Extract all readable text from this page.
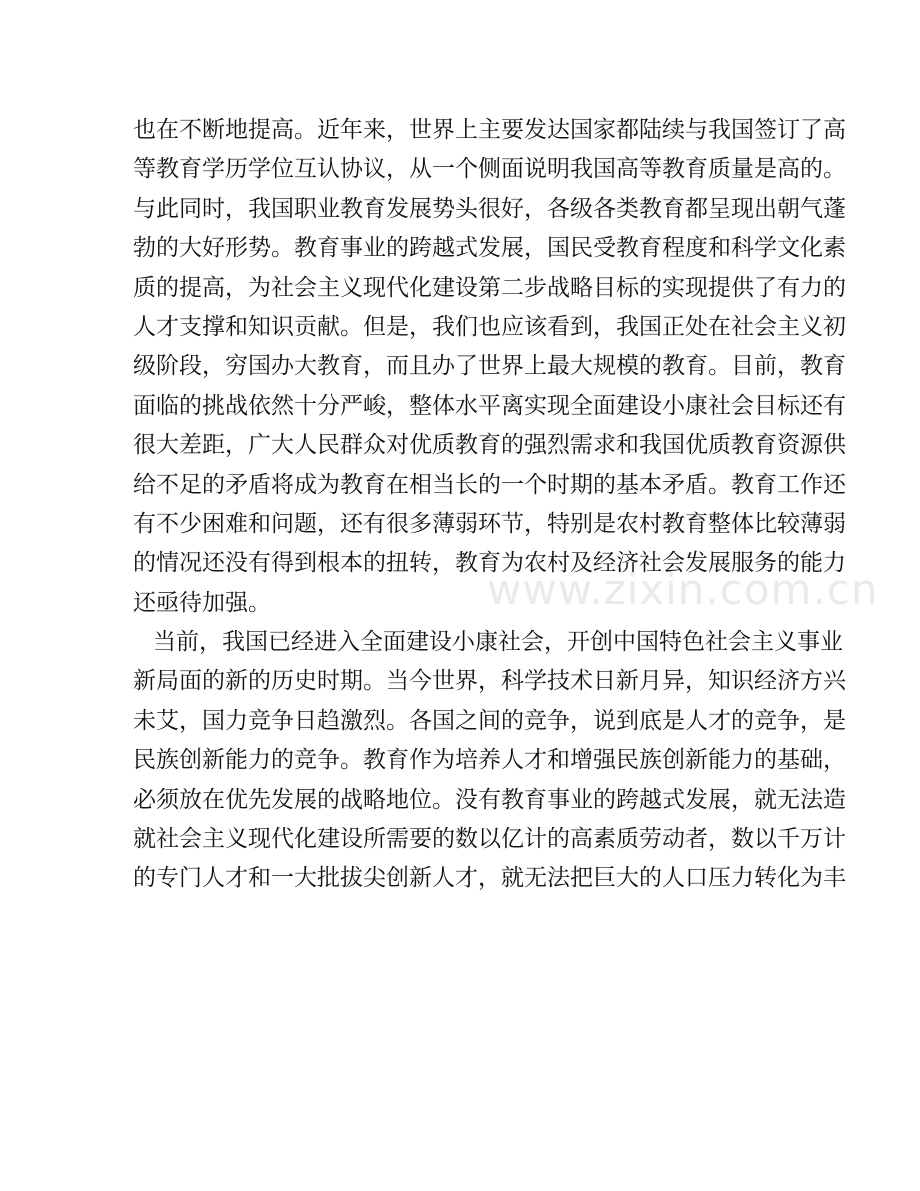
也在不断地提高。近年来，世界上主要发达国家都陆续与我国签订了高
等教育学历学位互认协议，从一个侧面说明我国高等教育质量是高的。
与此同时，我国职业教育发展势头很好，各级各类教育都呈现出朝气蓬
勃的大好形势。教育事业的跨越式发展，国民受教育程度和科学文化素
质的提高，为社会主义现代化建设第二步战略目标的实现提供了有力的
人才支撑和知识贡献。但是，我们也应该看到，我国正处在社会主义初
级阶段，穷国办大教育，而且办了世界上最大规模的教育。目前，教育
面临的挑战依然十分严峻，整体水平离实现全面建设小康社会目标还有
很大差距，广大人民群众对优质教育的强烈需求和我国优质教育资源供
给不足的矛盾将成为教育在相当长的一个时期的基本矛盾。教育工作还
有不少困难和问题，还有很多薄弱环节，特别是农村教育整体比较薄弱
的情况还没有得到根本的扭转，教育为农村及经济社会发展服务的能力
还亟待加强。
当前，我国已经进入全面建设小康社会，开创中国特色社会主义事业
新局面的新的历史时期。当今世界，科学技术日新月异，知识经济方兴
未艾，国力竞争日趋激烈。各国之间的竞争，说到底是人才的竞争，是
民族创新能力的竞争。教育作为培养人才和增强民族创新能力的基础，
必须放在优先发展的战略地位。没有教育事业的跨越式发展，就无法造
就社会主义现代化建设所需要的数以亿计的高素质劳动者，数以千万计
的专门人才和一大批拔尖创新人才，就无法把巨大的人口压力转化为丰
www.zixin.com.cn
